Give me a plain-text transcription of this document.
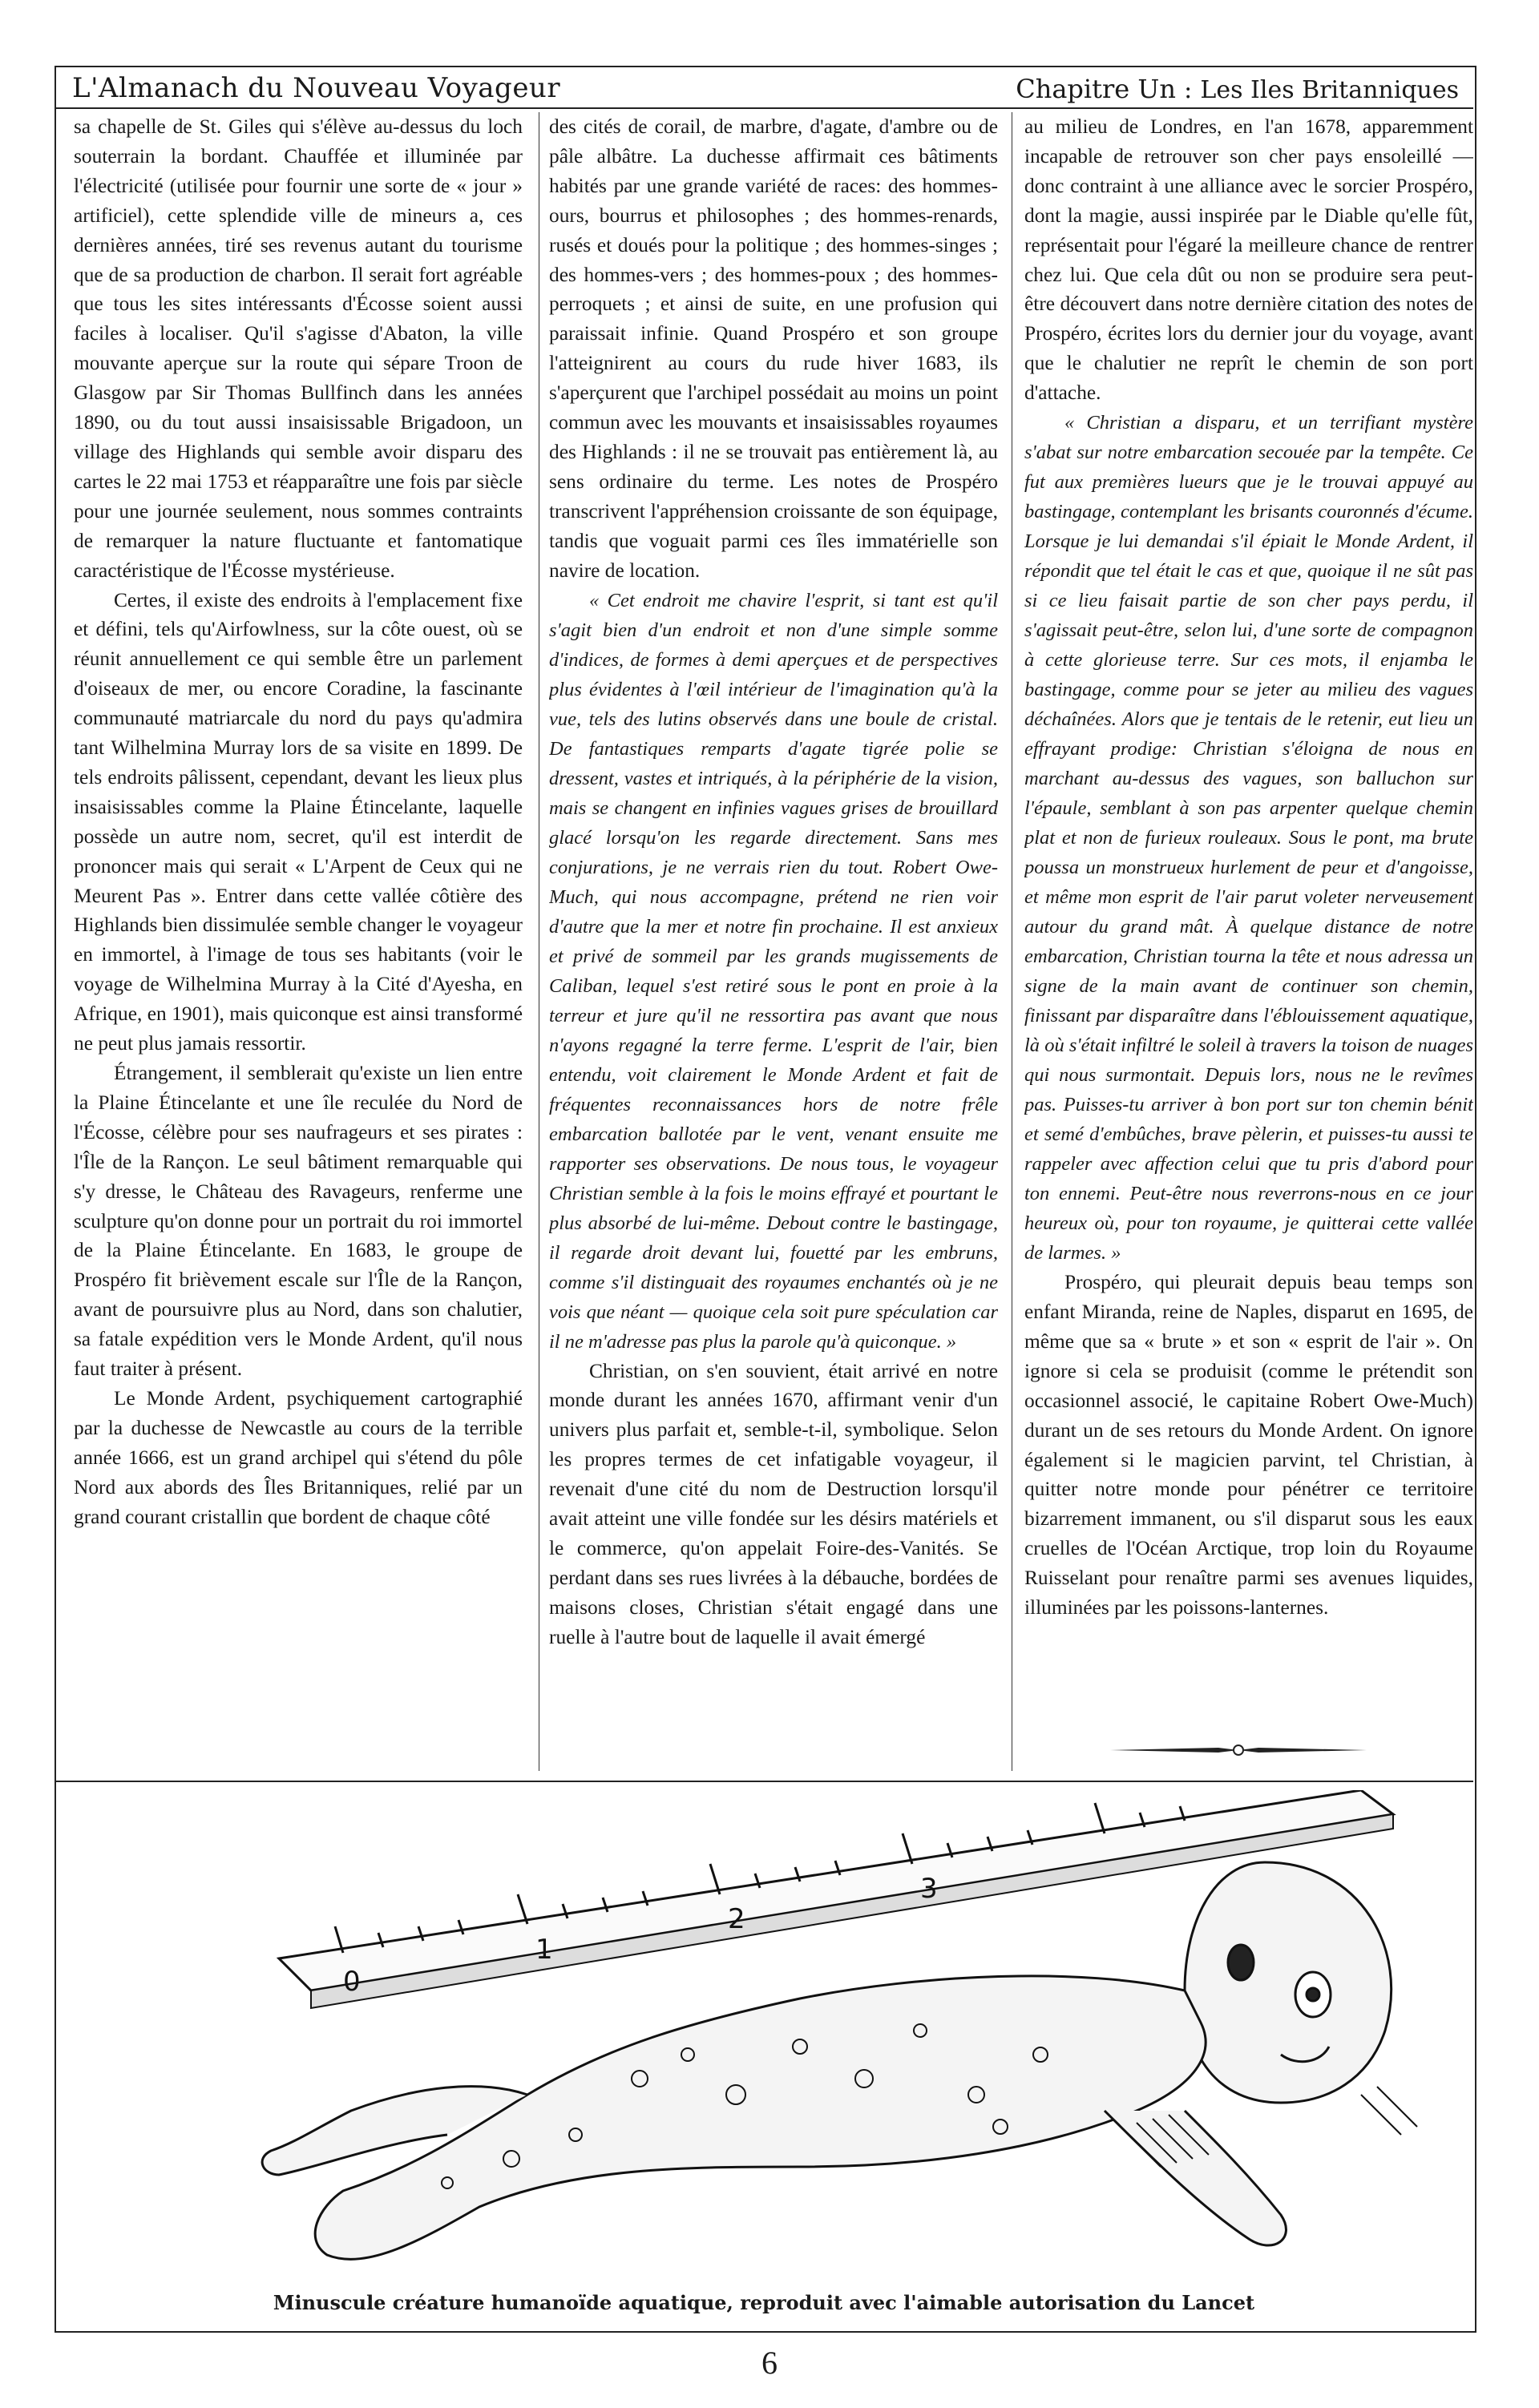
L'Almanach du Nouveau Voyageur	Chapitre Un : Les Iles Britanniques

sa chapelle de St. Giles qui s'élève au-dessus du loch souterrain la bordant. Chauffée et illuminée par l'électricité (utilisée pour fournir une sorte de « jour » artificiel), cette splendide ville de mineurs a, ces dernières années, tiré ses revenus autant du tourisme que de sa production de charbon. Il serait fort agréable que tous les sites intéressants d'Écosse soient aussi faciles à localiser. Qu'il s'agisse d'Abaton, la ville mouvante aperçue sur la route qui sépare Troon de Glasgow par Sir Thomas Bullfinch dans les années 1890, ou du tout aussi insaisissable Brigadoon, un village des Highlands qui semble avoir disparu des cartes le 22 mai 1753 et réapparaître une fois par siècle pour une journée seulement, nous sommes contraints de remarquer la nature fluctuante et fantomatique caractéristique de l'Écosse mystérieuse.

Certes, il existe des endroits à l'emplacement fixe et défini, tels qu'Airfowlness, sur la côte ouest, où se réunit annuellement ce qui semble être un parlement d'oiseaux de mer, ou encore Coradine, la fascinante communauté matriarcale du nord du pays qu'admira tant Wilhelmina Murray lors de sa visite en 1899. De tels endroits pâlissent, cependant, devant les lieux plus insaisissables comme la Plaine Étincelante, laquelle possède un autre nom, secret, qu'il est interdit de prononcer mais qui serait « L'Arpent de Ceux qui ne Meurent Pas ». Entrer dans cette vallée côtière des Highlands bien dissimulée semble changer le voyageur en immortel, à l'image de tous ses habitants (voir le voyage de Wilhelmina Murray à la Cité d'Ayesha, en Afrique, en 1901), mais quiconque est ainsi transformé ne peut plus jamais ressortir.

Étrangement, il semblerait qu'existe un lien entre la Plaine Étincelante et une île reculée du Nord de l'Écosse, célèbre pour ses naufrageurs et ses pirates : l'Île de la Rançon. Le seul bâtiment remarquable qui s'y dresse, le Château des Ravageurs, renferme une sculpture qu'on donne pour un portrait du roi immortel de la Plaine Étincelante. En 1683, le groupe de Prospéro fit brièvement escale sur l'Île de la Rançon, avant de poursuivre plus au Nord, dans son chalutier, sa fatale expédition vers le Monde Ardent, qu'il nous faut traiter à présent.

Le Monde Ardent, psychiquement cartographié par la duchesse de Newcastle au cours de la terrible année 1666, est un grand archipel qui s'étend du pôle Nord aux abords des Îles Britanniques, relié par un grand courant cristallin que bordent de chaque côté

des cités de corail, de marbre, d'agate, d'ambre ou de pâle albâtre. La duchesse affirmait ces bâtiments habités par une grande variété de races: des hommes-ours, bourrus et philosophes ; des hommes-renards, rusés et doués pour la politique ; des hommes-singes ; des hommes-vers ; des hommes-poux ; des hommes-perroquets ; et ainsi de suite, en une profusion qui paraissait infinie. Quand Prospéro et son groupe l'atteignirent au cours du rude hiver 1683, ils s'aperçurent que l'archipel possédait au moins un point commun avec les mouvants et insaisissables royaumes des Highlands : il ne se trouvait pas entièrement là, au sens ordinaire du terme. Les notes de Prospéro transcrivent l'appréhension croissante de son équipage, tandis que voguait parmi ces îles immatérielle son navire de location.

« Cet endroit me chavire l'esprit, si tant est qu'il s'agit bien d'un endroit et non d'une simple somme d'indices, de formes à demi aperçues et de perspectives plus évidentes à l'œil intérieur de l'imagination qu'à la vue, tels des lutins observés dans une boule de cristal. De fantastiques remparts d'agate tigrée polie se dressent, vastes et intriqués, à la périphérie de la vision, mais se changent en infinies vagues grises de brouillard glacé lorsqu'on les regarde directement. Sans mes conjurations, je ne verrais rien du tout. Robert Owe-Much, qui nous accompagne, prétend ne rien voir d'autre que la mer et notre fin prochaine. Il est anxieux et privé de sommeil par les grands mugissements de Caliban, lequel s'est retiré sous le pont en proie à la terreur et jure qu'il ne ressortira pas avant que nous n'ayons regagné la terre ferme. L'esprit de l'air, bien entendu, voit clairement le Monde Ardent et fait de fréquentes reconnaissances hors de notre frêle embarcation ballotée par le vent, venant ensuite me rapporter ses observations. De nous tous, le voyageur Christian semble à la fois le moins effrayé et pourtant le plus absorbé de lui-même. Debout contre le bastingage, il regarde droit devant lui, fouetté par les embruns, comme s'il distinguait des royaumes enchantés où je ne vois que néant — quoique cela soit pure spéculation car il ne m'adresse pas plus la parole qu'à quiconque. »

Christian, on s'en souvient, était arrivé en notre monde durant les années 1670, affirmant venir d'un univers plus parfait et, semble-t-il, symbolique. Selon les propres termes de cet infatigable voyageur, il revenait d'une cité du nom de Destruction lorsqu'il avait atteint une ville fondée sur les désirs matériels et le commerce, qu'on appelait Foire-des-Vanités. Se perdant dans ses rues livrées à la débauche, bordées de maisons closes, Christian s'était engagé dans une ruelle à l'autre bout de laquelle il avait émergé

au milieu de Londres, en l'an 1678, apparemment incapable de retrouver son cher pays ensoleillé — donc contraint à une alliance avec le sorcier Prospéro, dont la magie, aussi inspirée par le Diable qu'elle fût, représentait pour l'égaré la meilleure chance de rentrer chez lui. Que cela dût ou non se produire sera peut-être découvert dans notre dernière citation des notes de Prospéro, écrites lors du dernier jour du voyage, avant que le chalutier ne reprît le chemin de son port d'attache.

« Christian a disparu, et un terrifiant mystère s'abat sur notre embarcation secouée par la tempête. Ce fut aux premières lueurs que je le trouvai appuyé au bastingage, contemplant les brisants couronnés d'écume. Lorsque je lui demandai s'il épiait le Monde Ardent, il répondit que tel était le cas et que, quoique il ne sût pas si ce lieu faisait partie de son cher pays perdu, il s'agissait peut-être, selon lui, d'une sorte de compagnon à cette glorieuse terre. Sur ces mots, il enjamba le bastingage, comme pour se jeter au milieu des vagues déchaînées. Alors que je tentais de le retenir, eut lieu un effrayant prodige: Christian s'éloigna de nous en marchant au-dessus des vagues, son balluchon sur l'épaule, semblant à son pas arpenter quelque chemin plat et non de furieux rouleaux. Sous le pont, ma brute poussa un monstrueux hurlement de peur et d'angoisse, et même mon esprit de l'air parut voleter nerveusement autour du grand mât. À quelque distance de notre embarcation, Christian tourna la tête et nous adressa un signe de la main avant de continuer son chemin, finissant par disparaître dans l'éblouissement aquatique, là où s'était infiltré le soleil à travers la toison de nuages qui nous surmontait. Depuis lors, nous ne le revîmes pas. Puisses-tu arriver à bon port sur ton chemin bénit et semé d'embûches, brave pèlerin, et puisses-tu aussi te rappeler avec affection celui que tu pris d'abord pour ton ennemi. Peut-être nous reverrons-nous en ce jour heureux où, pour ton royaume, je quitterai cette vallée de larmes. »

Prospéro, qui pleurait depuis beau temps son enfant Miranda, reine de Naples, disparut en 1695, de même que sa « brute » et son « esprit de l'air ». On ignore si cela se produisit (comme le prétendit son occasionnel associé, le capitaine Robert Owe-Much) durant un de ses retours du Monde Ardent. On ignore également si le magicien parvint, tel Christian, à quitter notre monde pour pénétrer ce territoire bizarrement immanent, ou s'il disparut sous les eaux cruelles de l'Océan Arctique, trop loin du Royaume Ruisselant pour renaître parmi ses avenues liquides, illuminées par les poissons-lanternes.

0
1
2
3
Minuscule créature humanoïde aquatique, reproduit avec l'aimable autorisation du Lancet
6
